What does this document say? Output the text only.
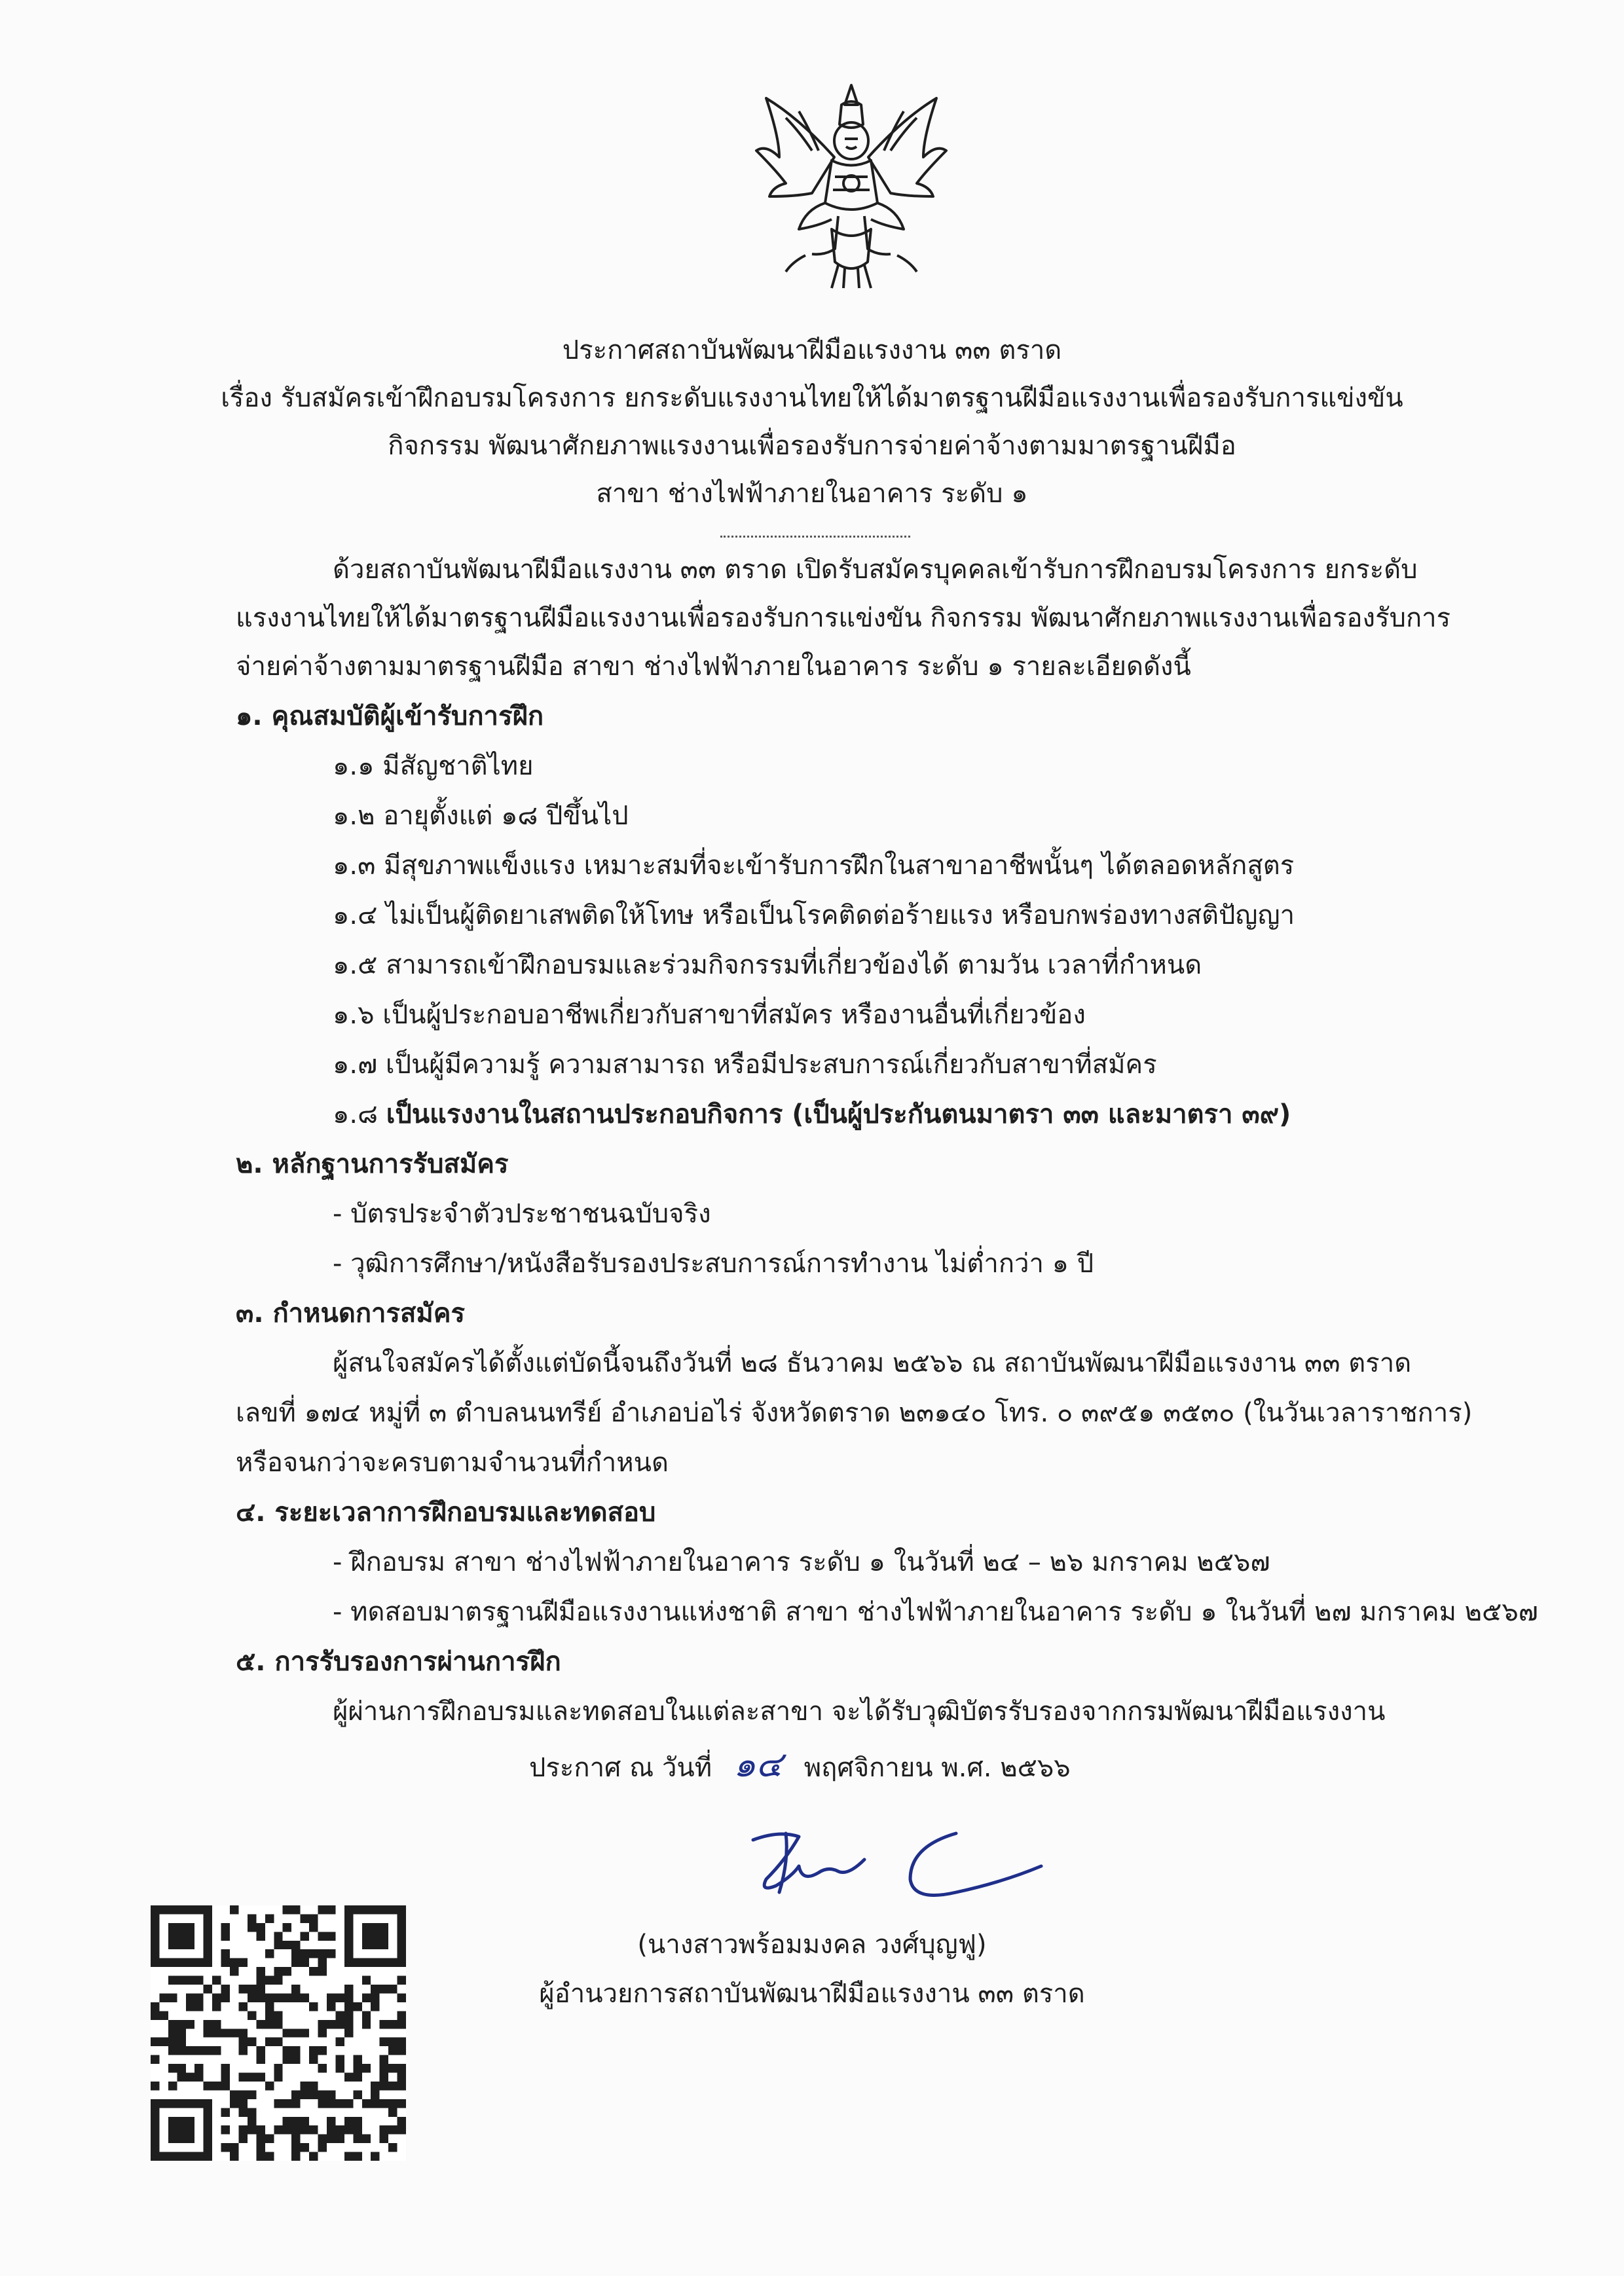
ประกาศสถาบันพัฒนาฝีมือแรงงาน ๓๓ ตราด
เรื่อง รับสมัครเข้าฝึกอบรมโครงการ ยกระดับแรงงานไทยให้ได้มาตรฐานฝีมือแรงงานเพื่อรองรับการแข่งขัน
กิจกรรม พัฒนาศักยภาพแรงงานเพื่อรองรับการจ่ายค่าจ้างตามมาตรฐานฝีมือ
สาขา ช่างไฟฟ้าภายในอาคาร ระดับ ๑
ด้วยสถาบันพัฒนาฝีมือแรงงาน ๓๓ ตราด เปิดรับสมัครบุคคลเข้ารับการฝึกอบรมโครงการ ยกระดับ
แรงงานไทยให้ได้มาตรฐานฝีมือแรงงานเพื่อรองรับการแข่งขัน กิจกรรม พัฒนาศักยภาพแรงงานเพื่อรองรับการ
จ่ายค่าจ้างตามมาตรฐานฝีมือ สาขา ช่างไฟฟ้าภายในอาคาร ระดับ ๑ รายละเอียดดังนี้
๑. คุณสมบัติผู้เข้ารับการฝึก
๑.๑ มีสัญชาติไทย
๑.๒ อายุตั้งแต่ ๑๘ ปีขึ้นไป
๑.๓ มีสุขภาพแข็งแรง เหมาะสมที่จะเข้ารับการฝึกในสาขาอาชีพนั้นๆ ได้ตลอดหลักสูตร
๑.๔ ไม่เป็นผู้ติดยาเสพติดให้โทษ หรือเป็นโรคติดต่อร้ายแรง หรือบกพร่องทางสติปัญญา
๑.๕ สามารถเข้าฝึกอบรมและร่วมกิจกรรมที่เกี่ยวข้องได้ ตามวัน เวลาที่กำหนด
๑.๖ เป็นผู้ประกอบอาชีพเกี่ยวกับสาขาที่สมัคร หรืองานอื่นที่เกี่ยวข้อง
๑.๗ เป็นผู้มีความรู้ ความสามารถ หรือมีประสบการณ์เกี่ยวกับสาขาที่สมัคร
๑.๘ เป็นแรงงานในสถานประกอบกิจการ (เป็นผู้ประกันตนมาตรา ๓๓ และมาตรา ๓๙)
๒. หลักฐานการรับสมัคร
- บัตรประจำตัวประชาชนฉบับจริง
- วุฒิการศึกษา/หนังสือรับรองประสบการณ์การทำงาน ไม่ต่ำกว่า ๑ ปี
๓. กำหนดการสมัคร
ผู้สนใจสมัครได้ตั้งแต่บัดนี้จนถึงวันที่ ๒๘ ธันวาคม ๒๕๖๖ ณ สถาบันพัฒนาฝีมือแรงงาน ๓๓ ตราด
เลขที่ ๑๗๔ หมู่ที่ ๓ ตำบลนนทรีย์ อำเภอบ่อไร่ จังหวัดตราด ๒๓๑๔๐ โทร. ๐ ๓๙๕๑ ๓๕๓๐ (ในวันเวลาราชการ)
หรือจนกว่าจะครบตามจำนวนที่กำหนด
๔. ระยะเวลาการฝึกอบรมและทดสอบ
- ฝึกอบรม สาขา ช่างไฟฟ้าภายในอาคาร ระดับ ๑ ในวันที่ ๒๔ – ๒๖ มกราคม ๒๕๖๗
- ทดสอบมาตรฐานฝีมือแรงงานแห่งชาติ สาขา ช่างไฟฟ้าภายในอาคาร ระดับ ๑ ในวันที่ ๒๗ มกราคม ๒๕๖๗
๕. การรับรองการผ่านการฝึก
ผู้ผ่านการฝึกอบรมและทดสอบในแต่ละสาขา จะได้รับวุฒิบัตรรับรองจากกรมพัฒนาฝีมือแรงงาน
ประกาศ ณ วันที่ ๑๔ พฤศจิกายน พ.ศ. ๒๕๖๖
(นางสาวพร้อมมงคล วงศ์บุญฟู)
ผู้อำนวยการสถาบันพัฒนาฝีมือแรงงาน ๓๓ ตราด
